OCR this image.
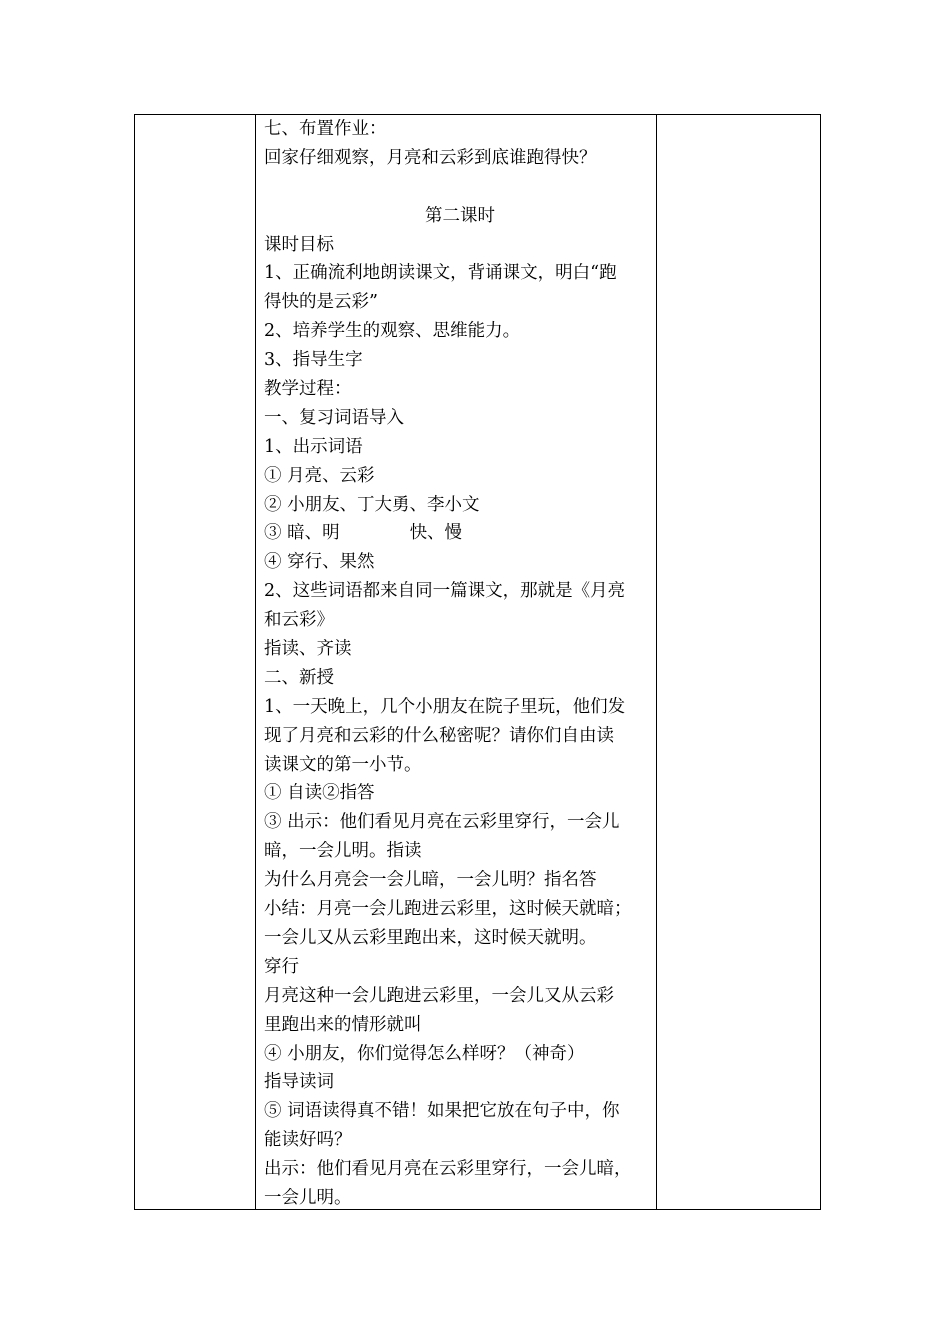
七、布置作业：
回家仔细观察，月亮和云彩到底谁跑得快？
第二课时
课时目标
1、正确流利地朗读课文，背诵课文，明白“跑
得快的是云彩”
2、培养学生的观察、思维能力。
3、指导生字
教学过程：
一、复习词语导入
1、出示词语
① 月亮、云彩
② 小朋友、丁大勇、李小文
③ 暗、明	快、慢
④ 穿行、果然
2、这些词语都来自同一篇课文，那就是《月亮
和云彩》
指读、齐读
二、新授
1、一天晚上，几个小朋友在院子里玩，他们发
现了月亮和云彩的什么秘密呢？请你们自由读
读课文的第一小节。
① 自读②指答
③ 出示：他们看见月亮在云彩里穿行，一会儿
暗，一会儿明。指读
为什么月亮会一会儿暗，一会儿明？指名答
小结：月亮一会儿跑进云彩里，这时候天就暗；
一会儿又从云彩里跑出来，这时候天就明。
穿行
月亮这种一会儿跑进云彩里，一会儿又从云彩
里跑出来的情形就叫
④ 小朋友，你们觉得怎么样呀？（神奇）
指导读词
⑤ 词语读得真不错！如果把它放在句子中，你
能读好吗？
出示：他们看见月亮在云彩里穿行，一会儿暗，
一会儿明。
